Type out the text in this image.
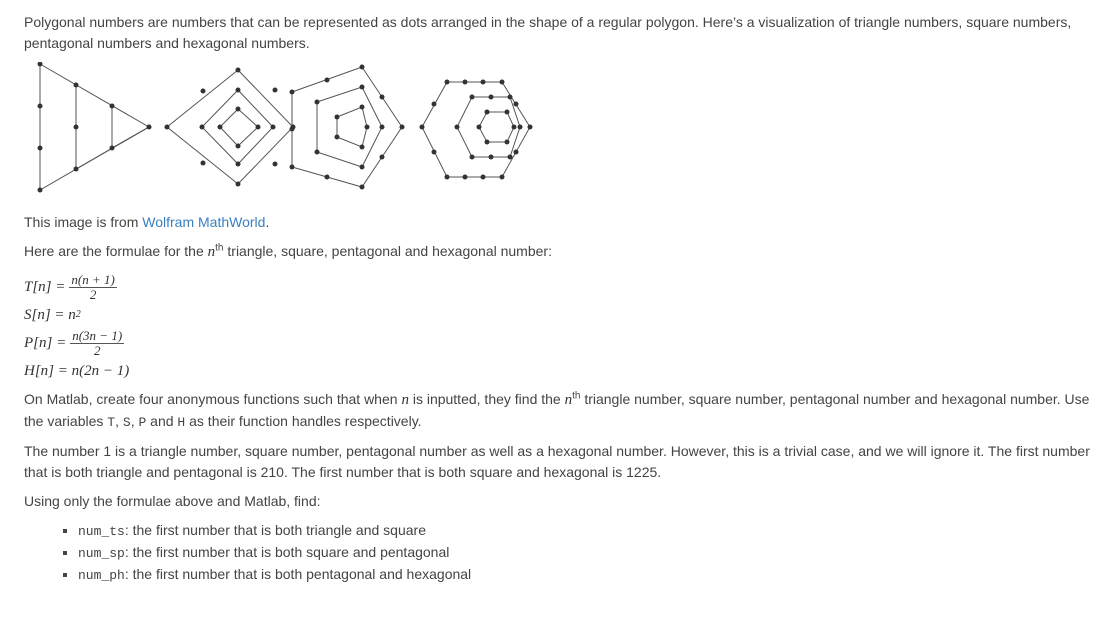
Polygonal numbers are numbers that can be represented as dots arranged in the shape of a regular polygon. Here’s a visualization of triangle numbers, square numbers, pentagonal numbers and hexagonal numbers.

This image is from Wolfram MathWorld.

Here are the formulae for the $n^{th}$ triangle, square, pentagonal and hexagonal number:

$T[n] = \frac{n(n + 1)}{2}$
S[n] = n 2
$P[n] = \frac{n(3n - 1)}{2}$
H[n] = n(2n − 1)

On Matlab, create four anonymous functions such that when n is inputted, they find the $n^{th}$ triangle number, square number, pentagonal number and hexagonal number. Use the variables T, S, P and H as their function handles respectively.

The number 1 is a triangle number, square number, pentagonal number as well as a hexagonal number. However, this is a trivial case, and we will ignore it. The first number that is both triangle and pentagonal is 210. The first number that is both square and hexagonal is 1225.

Using only the formulae above and Matlab, find:

▪ num_ts: the first number that is both triangle and square
▪ num_sp: the first number that is both square and pentagonal
▪ num_ph: the first number that is both pentagonal and hexagonal
